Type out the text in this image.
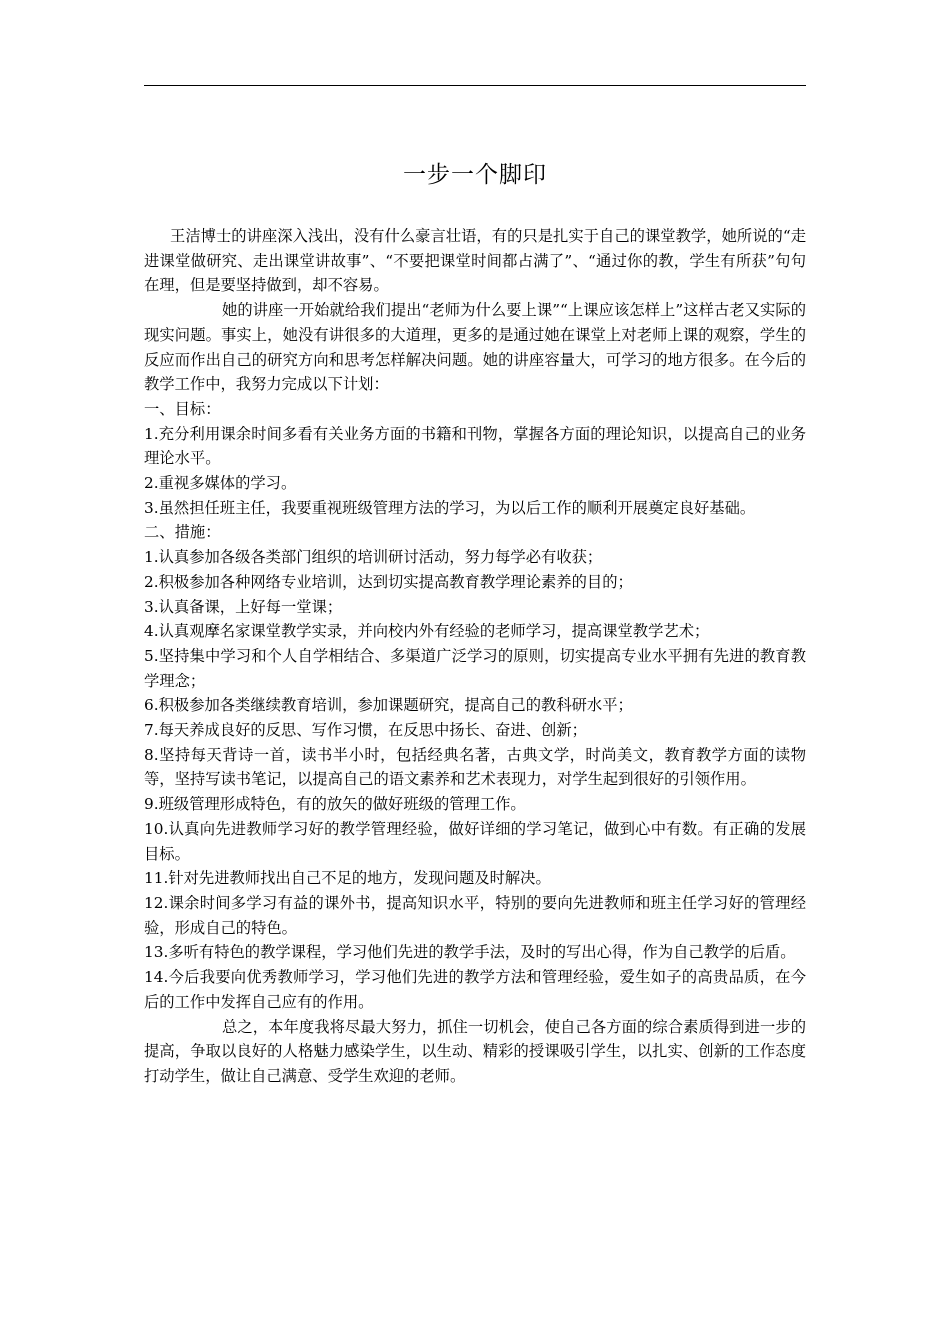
一步一个脚印

王洁博士的讲座深入浅出，没有什么豪言壮语，有的只是扎实于自己的课堂教学，她所说的“走进课堂做研究、走出课堂讲故事”、“不要把课堂时间都占满了”、“通过你的教，学生有所获”句句在理，但是要坚持做到，却不容易。

她的讲座一开始就给我们提出“老师为什么要上课”“上课应该怎样上”这样古老又实际的现实问题。事实上，她没有讲很多的大道理，更多的是通过她在课堂上对老师上课的观察，学生的反应而作出自己的研究方向和思考怎样解决问题。她的讲座容量大，可学习的地方很多。在今后的教学工作中，我努力完成以下计划：

一、目标：

1.充分利用课余时间多看有关业务方面的书籍和刊物，掌握各方面的理论知识，以提高自己的业务理论水平。

2.重视多媒体的学习。

3.虽然担任班主任，我要重视班级管理方法的学习，为以后工作的顺利开展奠定良好基础。

二、措施：

1.认真参加各级各类部门组织的培训研讨活动，努力每学必有收获；

2.积极参加各种网络专业培训，达到切实提高教育教学理论素养的目的；

3.认真备课，上好每一堂课；

4.认真观摩名家课堂教学实录，并向校内外有经验的老师学习，提高课堂教学艺术；

5.坚持集中学习和个人自学相结合、多渠道广泛学习的原则，切实提高专业水平拥有先进的教育教学理念；

6.积极参加各类继续教育培训，参加课题研究，提高自己的教科研水平；

7.每天养成良好的反思、写作习惯，在反思中扬长、奋进、创新；

8.坚持每天背诗一首，读书半小时，包括经典名著，古典文学，时尚美文，教育教学方面的读物等，坚持写读书笔记，以提高自己的语文素养和艺术表现力，对学生起到很好的引领作用。

9.班级管理形成特色，有的放矢的做好班级的管理工作。

10.认真向先进教师学习好的教学管理经验，做好详细的学习笔记，做到心中有数。有正确的发展目标。

11.针对先进教师找出自己不足的地方，发现问题及时解决。

12.课余时间多学习有益的课外书，提高知识水平，特别的要向先进教师和班主任学习好的管理经验，形成自己的特色。

13.多听有特色的教学课程，学习他们先进的教学手法，及时的写出心得，作为自己教学的后盾。

14.今后我要向优秀教师学习，学习他们先进的教学方法和管理经验，爱生如子的高贵品质，在今后的工作中发挥自己应有的作用。

总之，本年度我将尽最大努力，抓住一切机会，使自己各方面的综合素质得到进一步的提高，争取以良好的人格魅力感染学生，以生动、精彩的授课吸引学生，以扎实、创新的工作态度打动学生，做让自己满意、受学生欢迎的老师。
